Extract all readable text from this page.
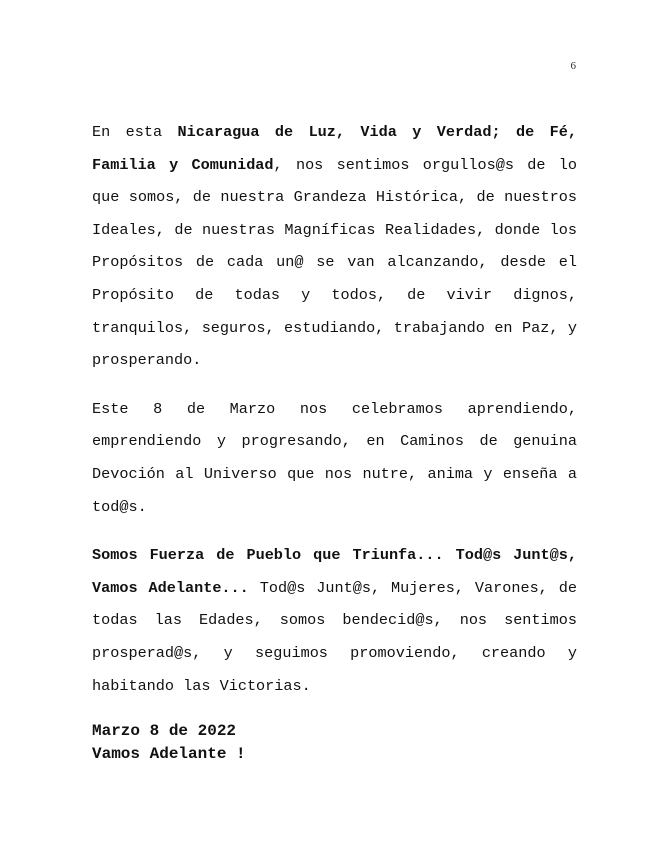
6

En esta Nicaragua de Luz, Vida y Verdad; de Fé, Familia y Comunidad, nos sentimos orgullos@s de lo que somos, de nuestra Grandeza Histórica, de nuestros Ideales, de nuestras Magníficas Realidades, donde los Propósitos de cada un@ se van alcanzando, desde el Propósito de todas y todos, de vivir dignos, tranquilos, seguros, estudiando, trabajando en Paz, y prosperando.

Este 8 de Marzo nos celebramos aprendiendo, emprendiendo y progresando, en Caminos de genuina Devoción al Universo que nos nutre, anima y enseña a tod@s.

Somos Fuerza de Pueblo que Triunfa... Tod@s Junt@s, Vamos Adelante... Tod@s Junt@s, Mujeres, Varones, de todas las Edades, somos bendecid@s, nos sentimos prosperad@s, y seguimos promoviendo, creando y habitando las Victorias.

Marzo 8 de 2022

Vamos Adelante !
